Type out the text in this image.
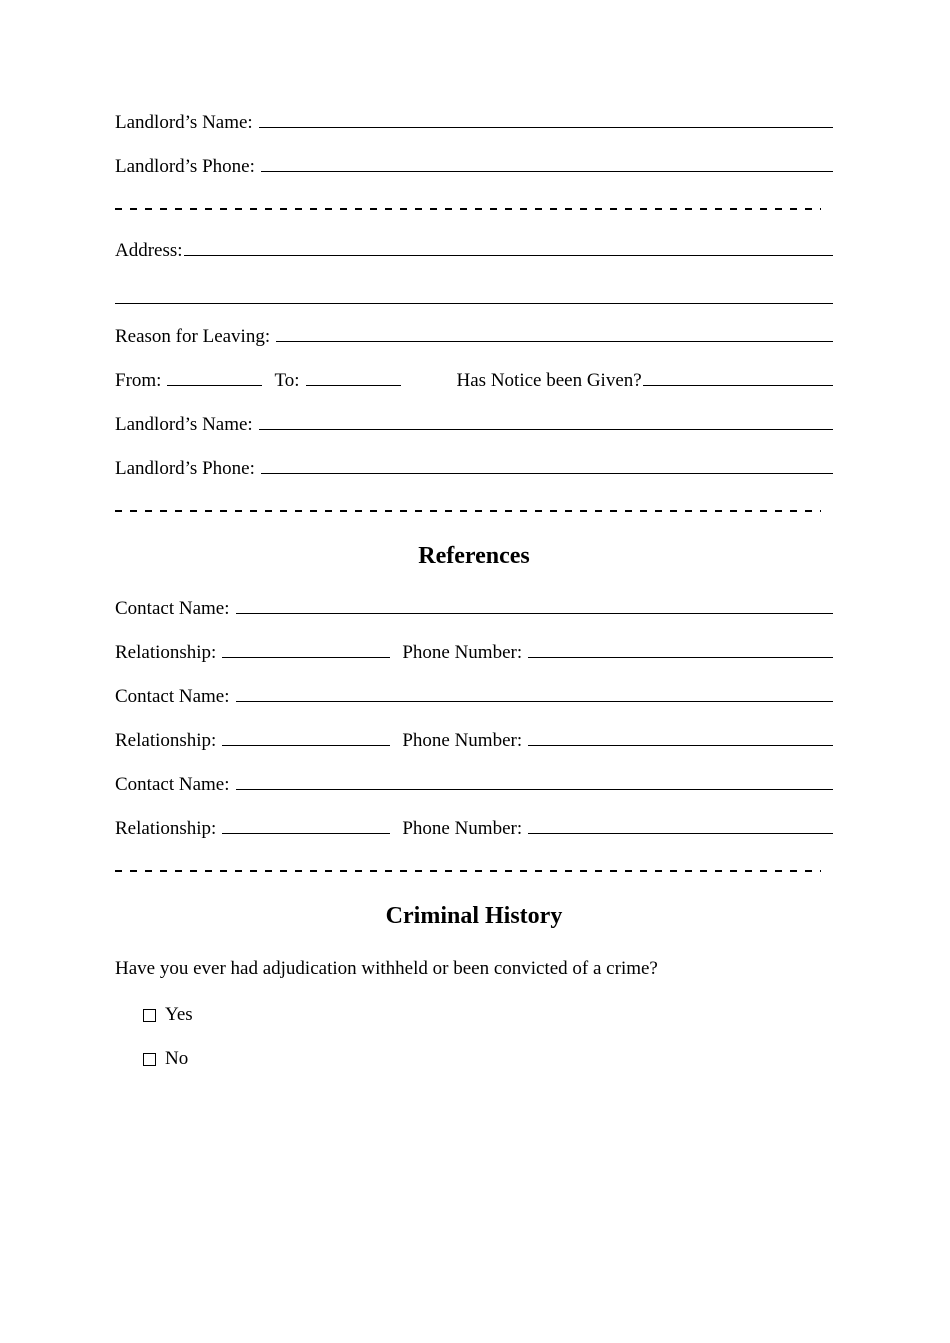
Landlord’s Name:
Landlord’s Phone:
Address:
Reason for Leaving:
From:	To:	Has Notice been Given?
Landlord’s Name:
Landlord’s Phone:
References
Contact Name:
Relationship:	Phone Number:
Contact Name:
Relationship:	Phone Number:
Contact Name:
Relationship:	Phone Number:
Criminal History

Have you ever had adjudication withheld or been convicted of a crime?

Yes
No
